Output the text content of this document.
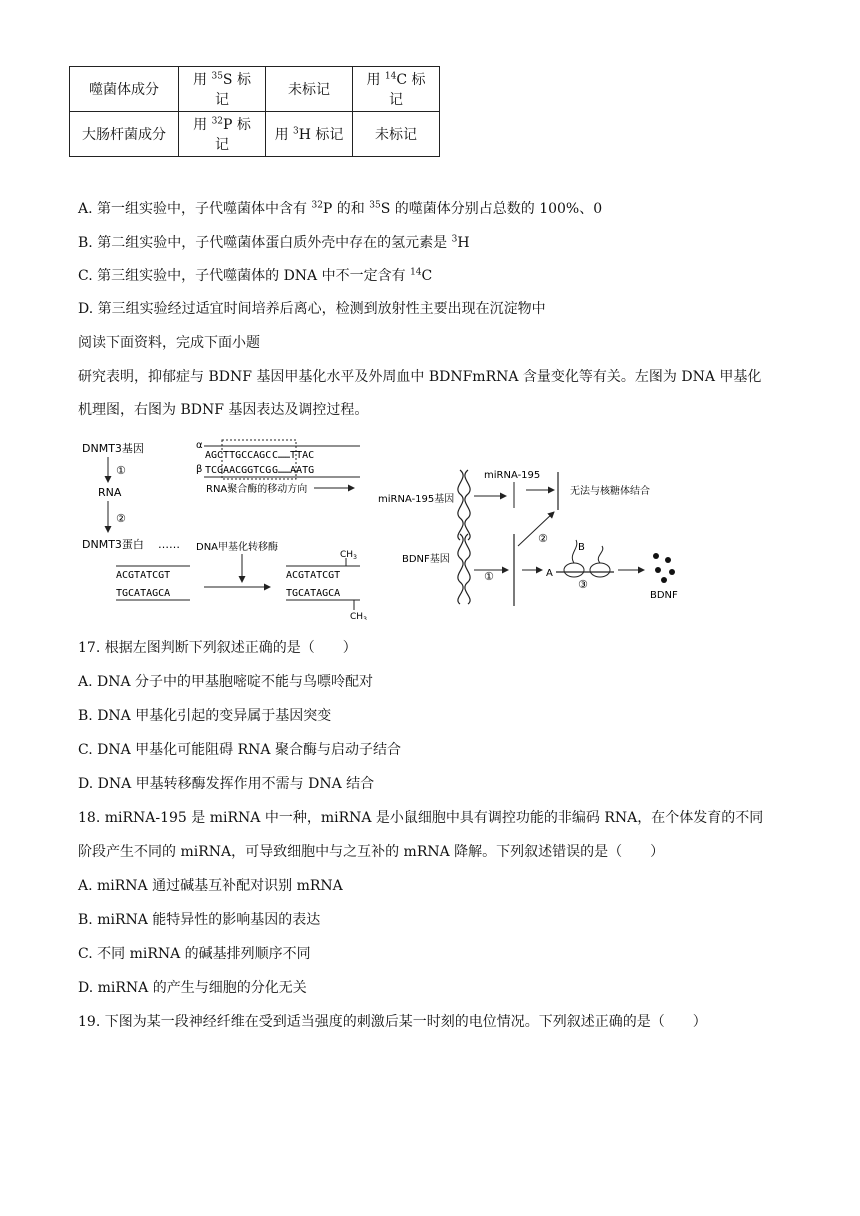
噬菌体成分	用 $^{35}$S 标记	未标记	用 $^{14}$C 标记
大肠杆菌成分	用 $^{32}$P 标记	用 $^3$H 标记	未标记
A. 第一组实验中，子代噬菌体中含有 $^{32}$P 的和 $^{35}$S 的噬菌体分别占总数的 100%、0
B. 第二组实验中，子代噬菌体蛋白质外壳中存在的氢元素是 $^3$H
C. 第三组实验中，子代噬菌体的 DNA 中不一定含有 $^{14}$C
D. 第三组实验经过适宜时间培养后离心，检测到放射性主要出现在沉淀物中
阅读下面资料，完成下面小题
研究表明，抑郁症与 BDNF 基因甲基化水平及外周血中 BDNFmRNA 含量变化等有关。左图为 DNA 甲基化
机理图，右图为 BDNF 基因表达及调控过程。
DNMT3基因
①
RNA
②
DNMT3蛋白 ……
α
β
AGCTTGCCAGC C……TTAC
TCGAACGGTCG G……AATG
RNA聚合酶的移动方向
DNA甲基化转移酶
ACGTATCGT
TGCATAGCA
$CH_3$
ACGTATCGT
TGCATAGCA
$CH_3$
miRNA-195基因
miRNA-195
无法与核糖体结合
BDNF基因
①
②
A
B
③
BDNF
17. 根据左图判断下列叙述正确的是（　　）
A. DNA 分子中的甲基胞嘧啶不能与鸟嘌呤配对
B. DNA 甲基化引起的变异属于基因突变
C. DNA 甲基化可能阻碍 RNA 聚合酶与启动子结合
D. DNA 甲基转移酶发挥作用不需与 DNA 结合
18. miRNA-195 是 miRNA 中一种，miRNA 是小鼠细胞中具有调控功能的非编码 RNA，在个体发育的不同
阶段产生不同的 miRNA，可导致细胞中与之互补的 mRNA 降解。下列叙述错误的是（　　）
A. miRNA 通过碱基互补配对识别 mRNA
B. miRNA 能特异性的影响基因的表达
C. 不同 miRNA 的碱基排列顺序不同
D. miRNA 的产生与细胞的分化无关
19. 下图为某一段神经纤维在受到适当强度的刺激后某一时刻的电位情况。下列叙述正确的是（　　）
